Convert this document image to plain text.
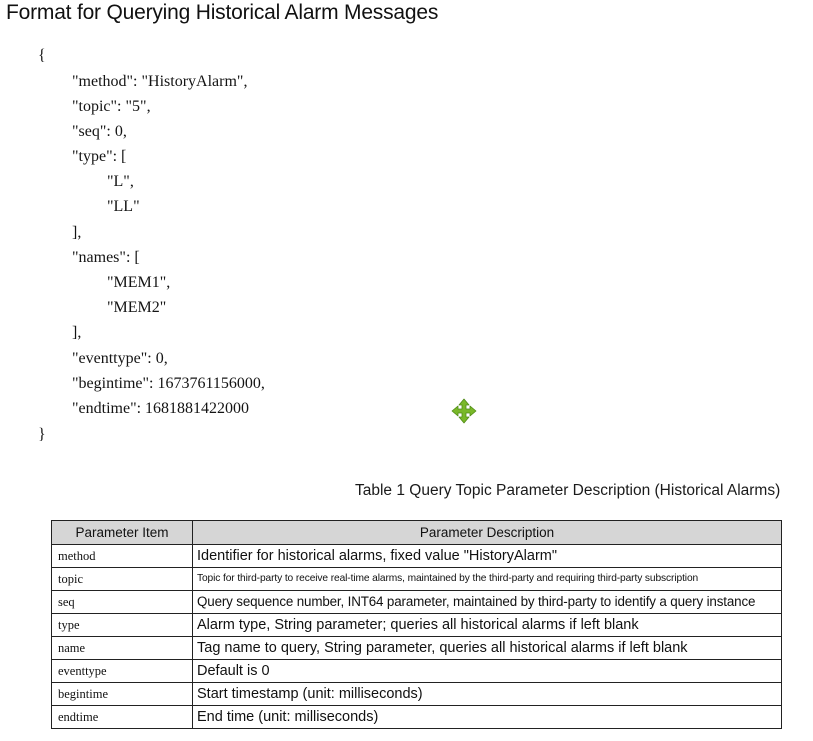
Format for Querying Historical Alarm Messages
{
"method": "HistoryAlarm",
"topic": "5",
"seq": 0,
"type": [
"L",
"LL"
],
"names": [
"MEM1",
"MEM2"
],
"eventtype": 0,
"begintime": 1673761156000,
"endtime": 1681881422000
}
Table 1 Query Topic Parameter Description (Historical Alarms)
Parameter Item	Parameter Description
method	Identifier for historical alarms, fixed value "HistoryAlarm"
topic	Topic for third-party to receive real-time alarms, maintained by the third-party and requiring third-party subscription
seq	Query sequence number, INT64 parameter, maintained by third-party to identify a query instance
type	Alarm type, String parameter; queries all historical alarms if left blank
name	Tag name to query, String parameter, queries all historical alarms if left blank
eventtype	Default is 0
begintime	Start timestamp (unit: milliseconds)
endtime	End time (unit: milliseconds)
